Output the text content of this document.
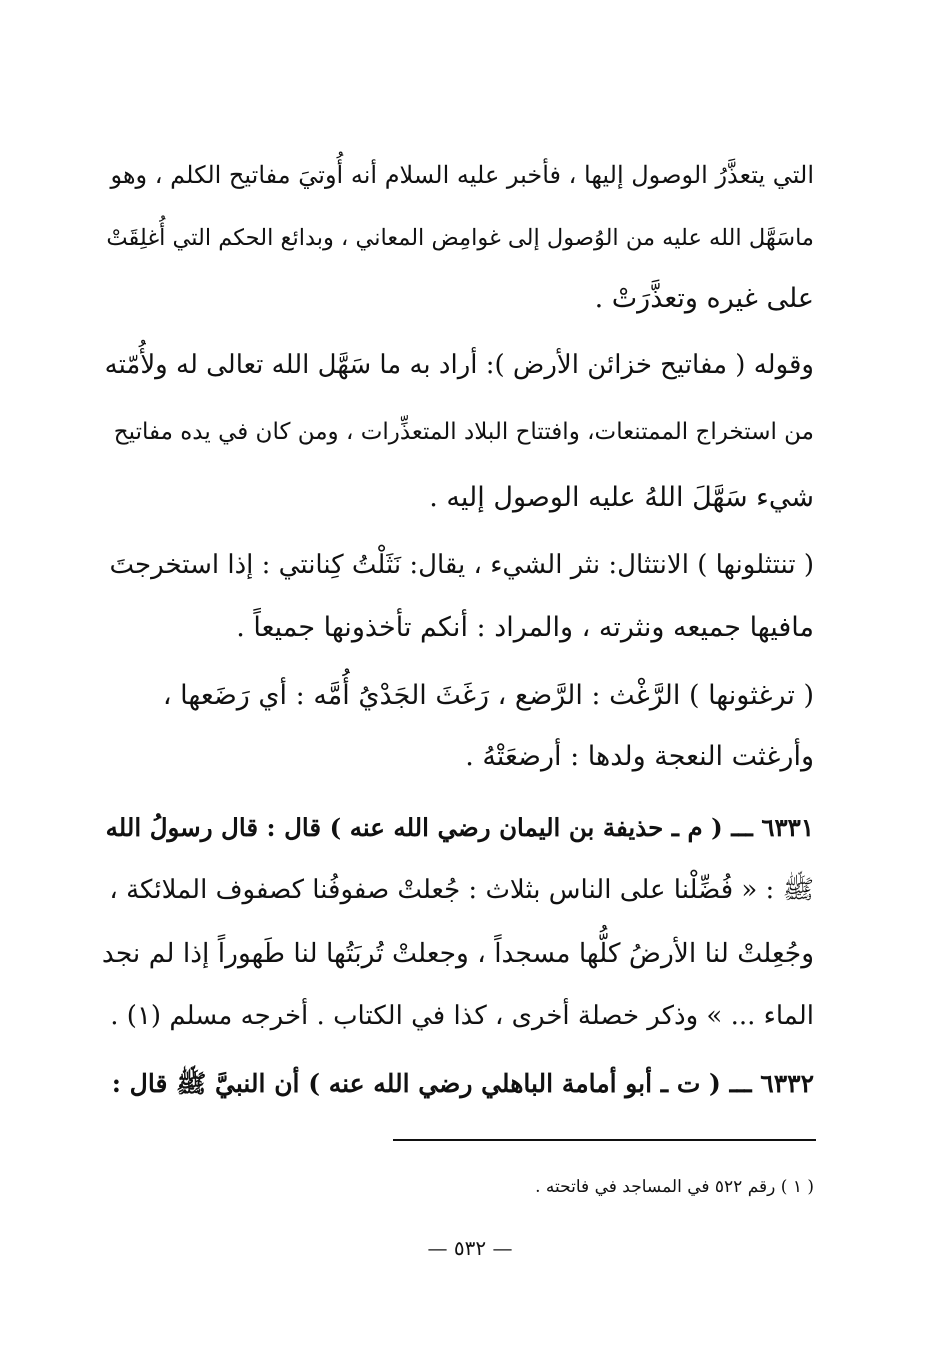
التي يتعذَّرُ الوصول إليها ، فأخبر عليه السلام أنه أُوتيَ مفاتيح الكلم ، وهو
ماسَهَّل الله عليه من الوُصول إلى غوامِض المعاني ، وبدائع الحكم التي أُغلِقَتْ
على غيره وتعذَّرَتْ .
وقوله ( مفاتيح خزائن الأرض ): أراد به ما سَهَّل الله تعالى له ولأُمّته
من استخراج الممتنعات، وافتتاح البلاد المتعذِّرات ، ومن كان في يده مفاتيح
شيء سَهَّلَ اللهُ عليه الوصول إليه .
( تنتثلونها ) الانتثال: نثر الشيء ، يقال: نَثَلْتُ كِنانتي : إذا استخرجتَ
مافيها جميعه ونثرته ، والمراد : أنكم تأخذونها جميعاً .
( ترغثونها ) الرَّغْث : الرَّضع ، رَغَثَ الجَدْيُ أُمَّه : أي رَضَعها ،
وأرغثت النعجة ولدها : أرضعَتْهُ .
٦٣٣١ ـــ ( م ـ حذيفة بن اليمان رضي الله عنه ) قال : قال رسولُ الله
ﷺ : « فُضِّلْنا على الناس بثلاث : جُعلتْ صفوفُنا كصفوف الملائكة ،
وجُعِلتْ لنا الأرضُ كلُّها مسجداً ، وجعلتْ تُربَتُها لنا طَهوراً إذا لم نجد
الماء ... » وذكر خصلة أخرى ، كذا في الكتاب . أخرجه مسلم (١) .
٦٣٣٢ ـــ ( ت ـ أبو أمامة الباهلي رضي الله عنه ) أن النبيَّ ﷺ قال :
( ١ ) رقم ٥٢٢ في المساجد في فاتحته .
— ٥٣٢ —
